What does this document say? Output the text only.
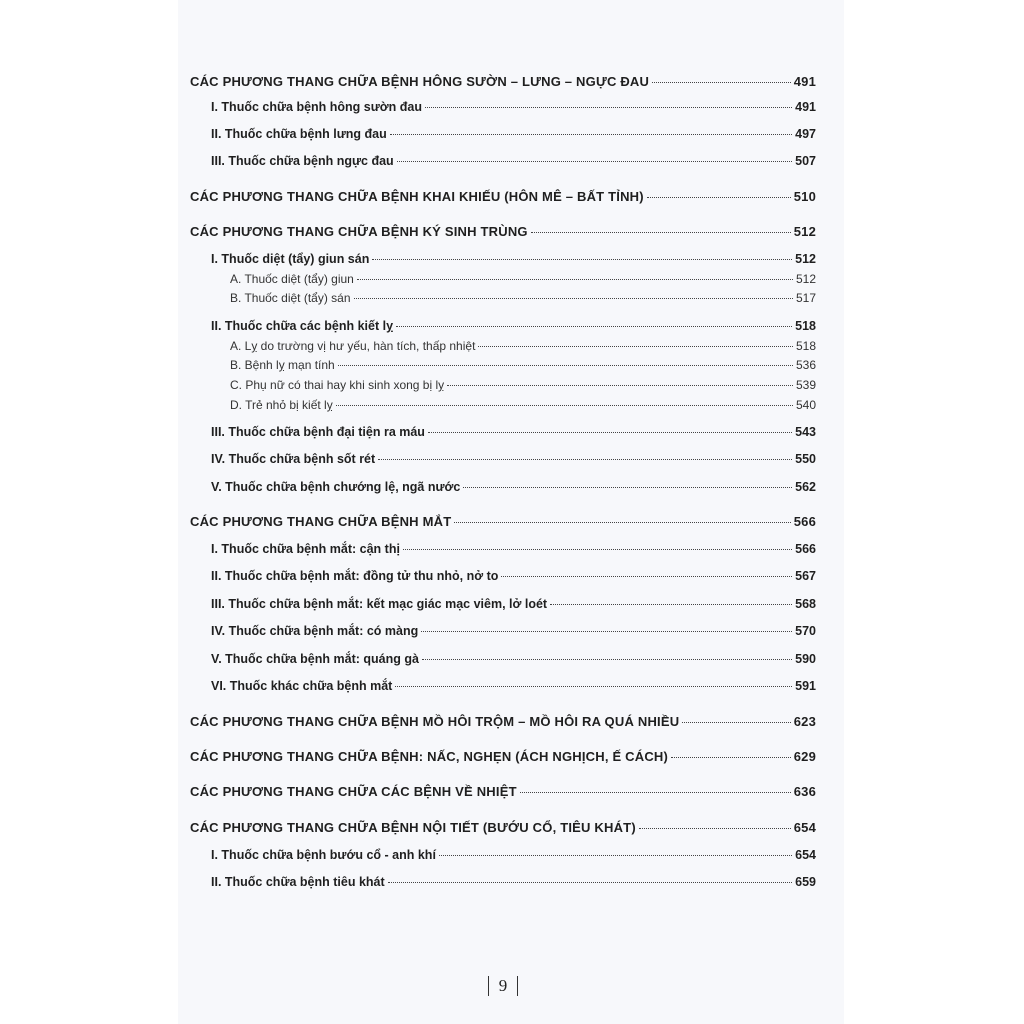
CÁC PHƯƠNG THANG CHỮA BỆNH HÔNG SƯỜN – LƯNG – NGỰC ĐAU	491
I. Thuốc chữa bệnh hông sườn đau	491
II. Thuốc chữa bệnh lưng đau	497
III. Thuốc chữa bệnh ngực đau	507
CÁC PHƯƠNG THANG CHỮA BỆNH KHAI KHIẾU (HÔN MÊ – BẤT TỈNH)	510
CÁC PHƯƠNG THANG CHỮA BỆNH KÝ SINH TRÙNG	512
I. Thuốc diệt (tẩy) giun sán	512
A. Thuốc diệt (tẩy) giun	512
B. Thuốc diệt (tẩy) sán	517
II. Thuốc chữa các bệnh kiết lỵ	518
A. Lỵ do trường vị hư yếu, hàn tích, thấp nhiệt	518
B. Bệnh lỵ mạn tính	536
C. Phụ nữ có thai hay khi sinh xong bị lỵ	539
D. Trẻ nhỏ bị kiết lỵ	540
III. Thuốc chữa bệnh đại tiện ra máu	543
IV. Thuốc chữa bệnh sốt rét	550
V. Thuốc chữa bệnh chướng lệ, ngã nước	562
CÁC PHƯƠNG THANG CHỮA BỆNH MẮT	566
I. Thuốc chữa bệnh mắt: cận thị	566
II. Thuốc chữa bệnh mắt: đồng tử thu nhỏ, nở to	567
III. Thuốc chữa bệnh mắt: kết mạc giác mạc viêm, lở loét	568
IV. Thuốc chữa bệnh mắt: có màng	570
V. Thuốc chữa bệnh mắt: quáng gà	590
VI. Thuốc khác chữa bệnh mắt	591
CÁC PHƯƠNG THANG CHỮA BỆNH MỒ HÔI TRỘM – MỒ HÔI RA QUÁ NHIỀU	623
CÁC PHƯƠNG THANG CHỮA BỆNH: NẤC, NGHẸN (ÁCH NGHỊCH, Ế CÁCH)	629
CÁC PHƯƠNG THANG CHỮA CÁC BỆNH VỀ NHIỆT	636
CÁC PHƯƠNG THANG CHỮA BỆNH NỘI TIẾT (BƯỚU CỔ, TIÊU KHÁT)	654
I. Thuốc chữa bệnh bướu cổ - anh khí	654
II. Thuốc chữa bệnh tiêu khát	659
9
